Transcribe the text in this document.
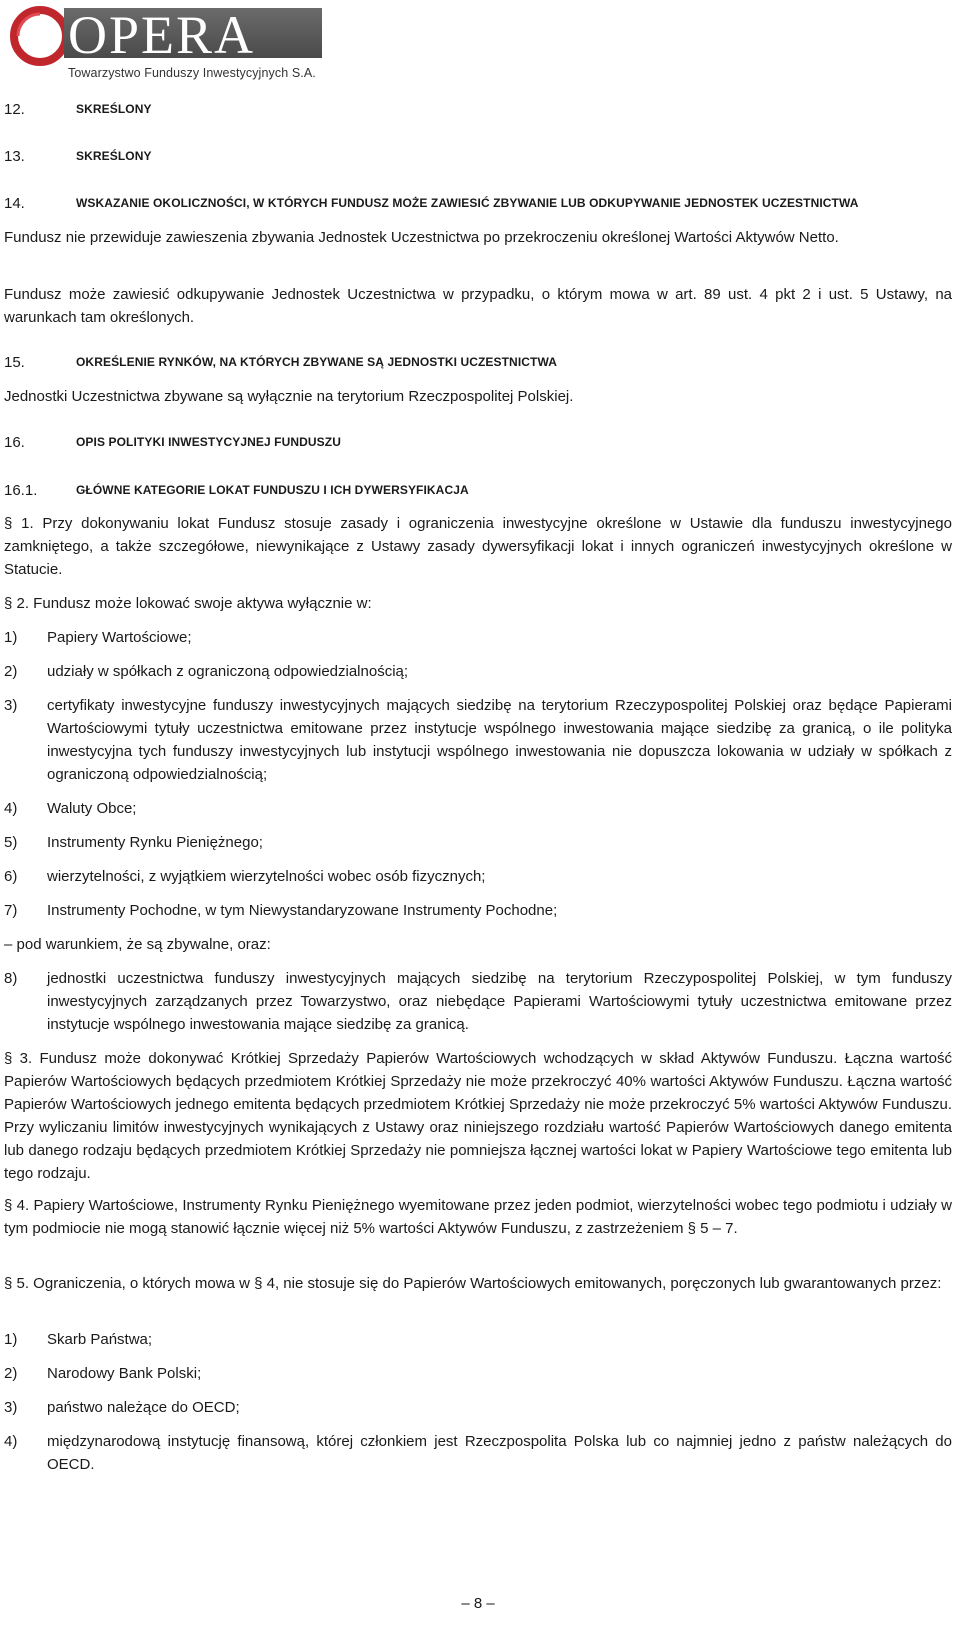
OPERA
Towarzystwo Funduszy Inwestycyjnych S.A.
12.	SKREŚLONY
13.	SKREŚLONY
14.	WSKAZANIE OKOLICZNOŚCI, W KTÓRYCH FUNDUSZ MOŻE ZAWIESIĆ ZBYWANIE LUB ODKUPYWANIE JEDNOSTEK UCZESTNICTWA

Fundusz nie przewiduje zawieszenia zbywania Jednostek Uczestnictwa po przekroczeniu określonej Wartości Aktywów Netto.

Fundusz może zawiesić odkupywanie Jednostek Uczestnictwa w przypadku, o którym mowa w art. 89 ust. 4 pkt 2 i ust. 5 Ustawy, na warunkach tam określonych.

15.	OKREŚLENIE RYNKÓW, NA KTÓRYCH ZBYWANE SĄ JEDNOSTKI UCZESTNICTWA

Jednostki Uczestnictwa zbywane są wyłącznie na terytorium Rzeczpospolitej Polskiej.

16.	OPIS POLITYKI INWESTYCYJNEJ FUNDUSZU
16.1.	GŁÓWNE KATEGORIE LOKAT FUNDUSZU I ICH DYWERSYFIKACJA

§ 1. Przy dokonywaniu lokat Fundusz stosuje zasady i ograniczenia inwestycyjne określone w Ustawie dla funduszu inwestycyjnego zamkniętego, a także szczegółowe, niewynikające z Ustawy zasady dywersyfikacji lokat i innych ograniczeń inwestycyjnych określone w Statucie.

§ 2. Fundusz może lokować swoje aktywa wyłącznie w:

1)	Papiery Wartościowe;
2)	udziały w spółkach z ograniczoną odpowiedzialnością;
3)	certyfikaty inwestycyjne funduszy inwestycyjnych mających siedzibę na terytorium Rzeczypospolitej Polskiej oraz będące Papierami Wartościowymi tytuły uczestnictwa emitowane przez instytucje wspólnego inwestowania mające siedzibę za granicą, o ile polityka inwestycyjna tych funduszy inwestycyjnych lub instytucji wspólnego inwestowania nie dopuszcza lokowania w udziały w spółkach z ograniczoną odpowiedzialnością;
4)	Waluty Obce;
5)	Instrumenty Rynku Pieniężnego;
6)	wierzytelności, z wyjątkiem wierzytelności wobec osób fizycznych;
7)	Instrumenty Pochodne, w tym Niewystandaryzowane Instrumenty Pochodne;

– pod warunkiem, że są zbywalne, oraz:

8)	jednostki uczestnictwa funduszy inwestycyjnych mających siedzibę na terytorium Rzeczypospolitej Polskiej, w tym funduszy inwestycyjnych zarządzanych przez Towarzystwo, oraz niebędące Papierami Wartościowymi tytuły uczestnictwa emitowane przez instytucje wspólnego inwestowania mające siedzibę za granicą.

§ 3. Fundusz może dokonywać Krótkiej Sprzedaży Papierów Wartościowych wchodzących w skład Aktywów Funduszu. Łączna wartość Papierów Wartościowych będących przedmiotem Krótkiej Sprzedaży nie może przekroczyć 40% wartości Aktywów Funduszu. Łączna wartość Papierów Wartościowych jednego emitenta będących przedmiotem Krótkiej Sprzedaży nie może przekroczyć 5% wartości Aktywów Funduszu. Przy wyliczaniu limitów inwestycyjnych wynikających z Ustawy oraz niniejszego rozdziału wartość Papierów Wartościowych danego emitenta lub danego rodzaju będących przedmiotem Krótkiej Sprzedaży nie pomniejsza łącznej wartości lokat w Papiery Wartościowe tego emitenta lub tego rodzaju.

§ 4. Papiery Wartościowe, Instrumenty Rynku Pieniężnego wyemitowane przez jeden podmiot, wierzytelności wobec tego podmiotu i udziały w tym podmiocie nie mogą stanowić łącznie więcej niż 5% wartości Aktywów Funduszu, z zastrzeżeniem § 5 – 7.

§ 5. Ograniczenia, o których mowa w § 4, nie stosuje się do Papierów Wartościowych emitowanych, poręczonych lub gwarantowanych przez:

1)	Skarb Państwa;
2)	Narodowy Bank Polski;
3)	państwo należące do OECD;
4)	międzynarodową instytucję finansową, której członkiem jest Rzeczpospolita Polska lub co najmniej jedno z państw należących do OECD.
– 8 –
